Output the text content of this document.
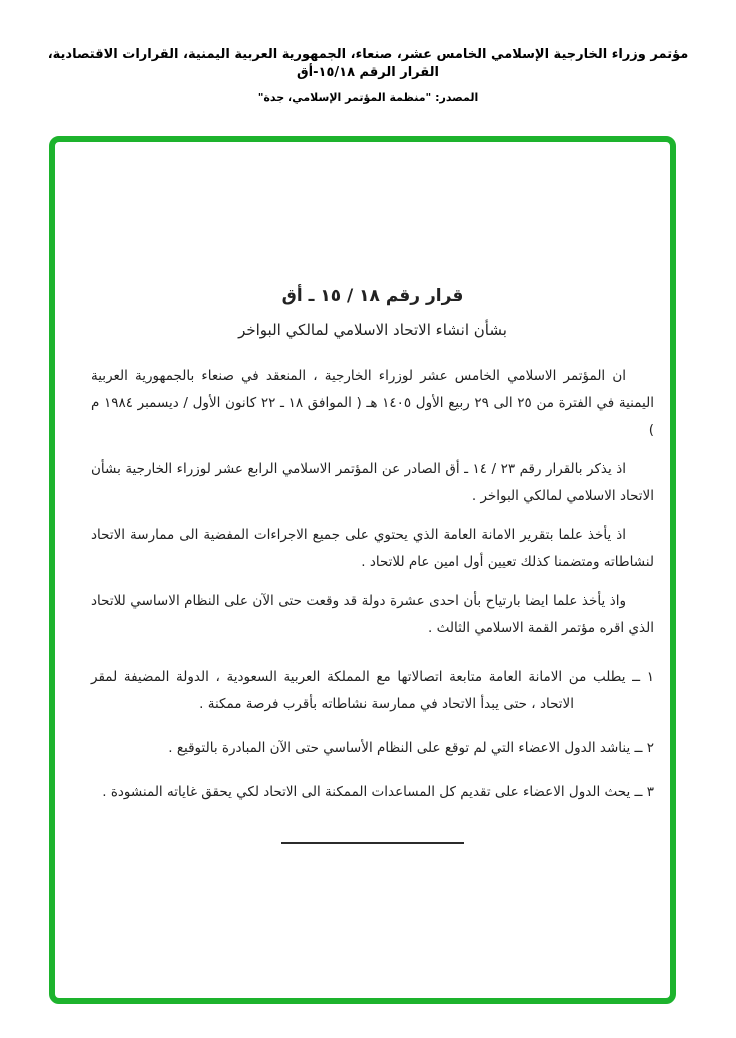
مؤتمر وزراء الخارجية الإسلامي الخامس عشر، صنعاء، الجمهورية العربية اليمنية، القرارات الاقتصادية، القرار الرقم ١٥/١٨-أق
المصدر: "منظمة المؤتمر الإسلامي، جدة"
قرار رقم ١٨ / ١٥ ـ أق
بشأن انشاء الاتحاد الاسلامي لمالكي البواخر

ان المؤتمر الاسلامي الخامس عشر لوزراء الخارجية ، المنعقد في صنعاء بالجمهورية العربية اليمنية في الفترة من ٢٥ الى ٢٩ ربيع الأول ١٤٠٥ هـ ( الموافق ١٨ ـ ٢٢ كانون الأول / ديسمبر ١٩٨٤ م )

اذ يذكر بالقرار رقم ٢٣ / ١٤ ـ أق الصادر عن المؤتمر الاسلامي الرابع عشر لوزراء الخارجية بشأن الاتحاد الاسلامي لمالكي البواخر .

اذ يأخذ علما بتقرير الامانة العامة الذي يحتوي على جميع الاجراءات المفضية الى ممارسة الاتحاد لنشاطاته ومتضمنا كذلك تعيين أول امين عام للاتحاد .

واذ يأخذ علما ايضا بارتياح بأن احدى عشرة دولة قد وقعت حتى الآن على النظام الاساسي للاتحاد الذي اقره مؤتمر القمة الاسلامي الثالث .

١ ــ يطلب من الامانة العامة متابعة اتصالاتها مع المملكة العربية السعودية ، الدولة المضيفة لمقر الاتحاد ، حتى يبدأ الاتحاد في ممارسة نشاطاته بأقرب فرصة ممكنة .
٢ ــ يناشد الدول الاعضاء التي لم توقع على النظام الأساسي حتى الآن المبادرة بالتوقيع .
٣ ــ يحث الدول الاعضاء على تقديم كل المساعدات الممكنة الى الاتحاد لكي يحقق غاياته المنشودة .
